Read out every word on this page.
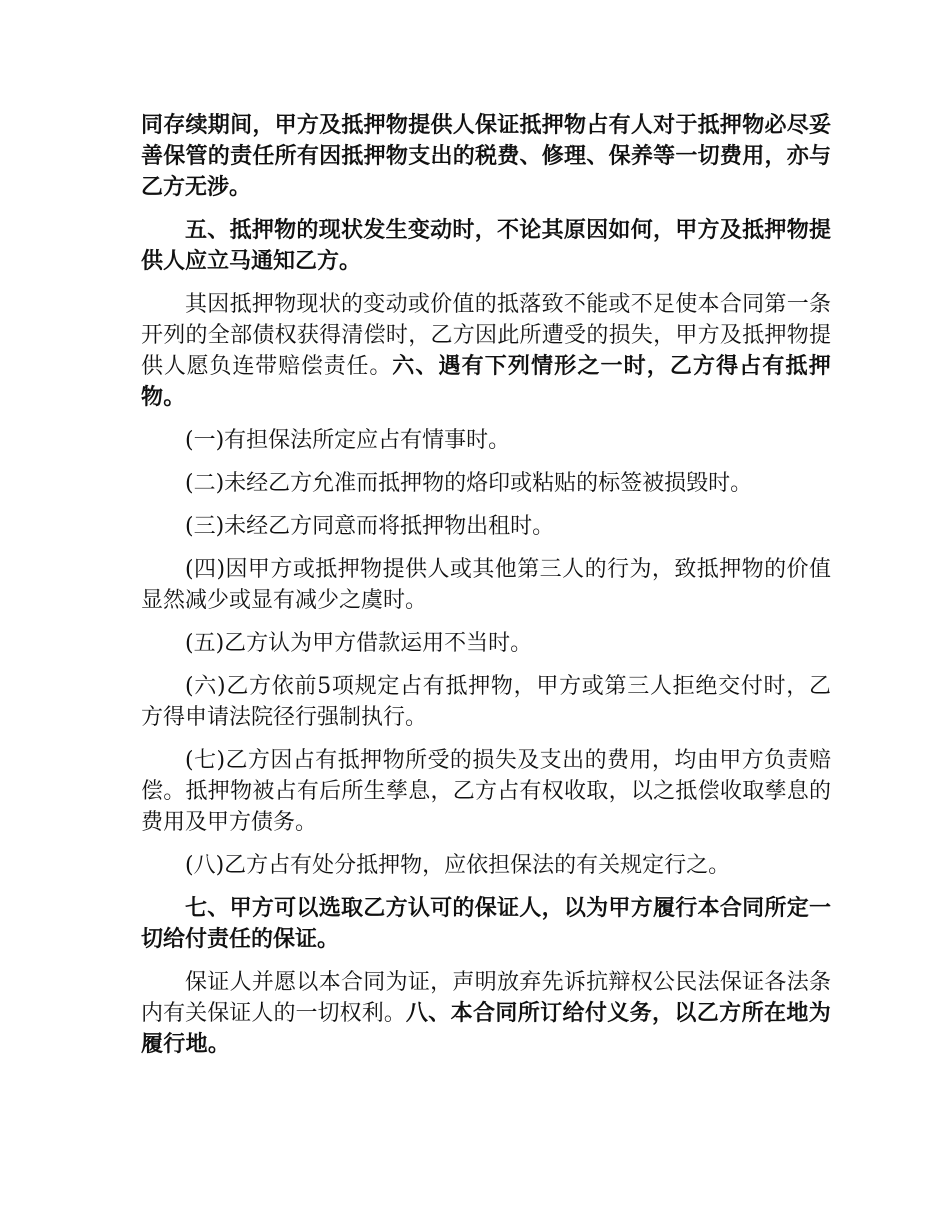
同存续期间，甲方及抵押物提供人保证抵押物占有人对于抵押物必尽妥善保管的责任所有因抵押物支出的税费、修理、保养等一切费用，亦与乙方无涉。

五、抵押物的现状发生变动时，不论其原因如何，甲方及抵押物提供人应立马通知乙方。

其因抵押物现状的变动或价值的抵落致不能或不足使本合同第一条开列的全部债权获得清偿时，乙方因此所遭受的损失，甲方及抵押物提供人愿负连带赔偿责任。六、遇有下列情形之一时，乙方得占有抵押物。

(一)有担保法所定应占有情事时。

(二)未经乙方允准而抵押物的烙印或粘贴的标签被损毁时。

(三)未经乙方同意而将抵押物出租时。

(四)因甲方或抵押物提供人或其他第三人的行为，致抵押物的价值显然减少或显有减少之虞时。

(五)乙方认为甲方借款运用不当时。

(六)乙方依前5项规定占有抵押物，甲方或第三人拒绝交付时，乙方得申请法院径行强制执行。

(七)乙方因占有抵押物所受的损失及支出的费用，均由甲方负责赔偿。抵押物被占有后所生孳息，乙方占有权收取，以之抵偿收取孳息的费用及甲方债务。

(八)乙方占有处分抵押物，应依担保法的有关规定行之。

七、甲方可以选取乙方认可的保证人，以为甲方履行本合同所定一切给付责任的保证。

保证人并愿以本合同为证，声明放弃先诉抗辩权公民法保证各法条内有关保证人的一切权利。八、本合同所订给付义务，以乙方所在地为履行地。
